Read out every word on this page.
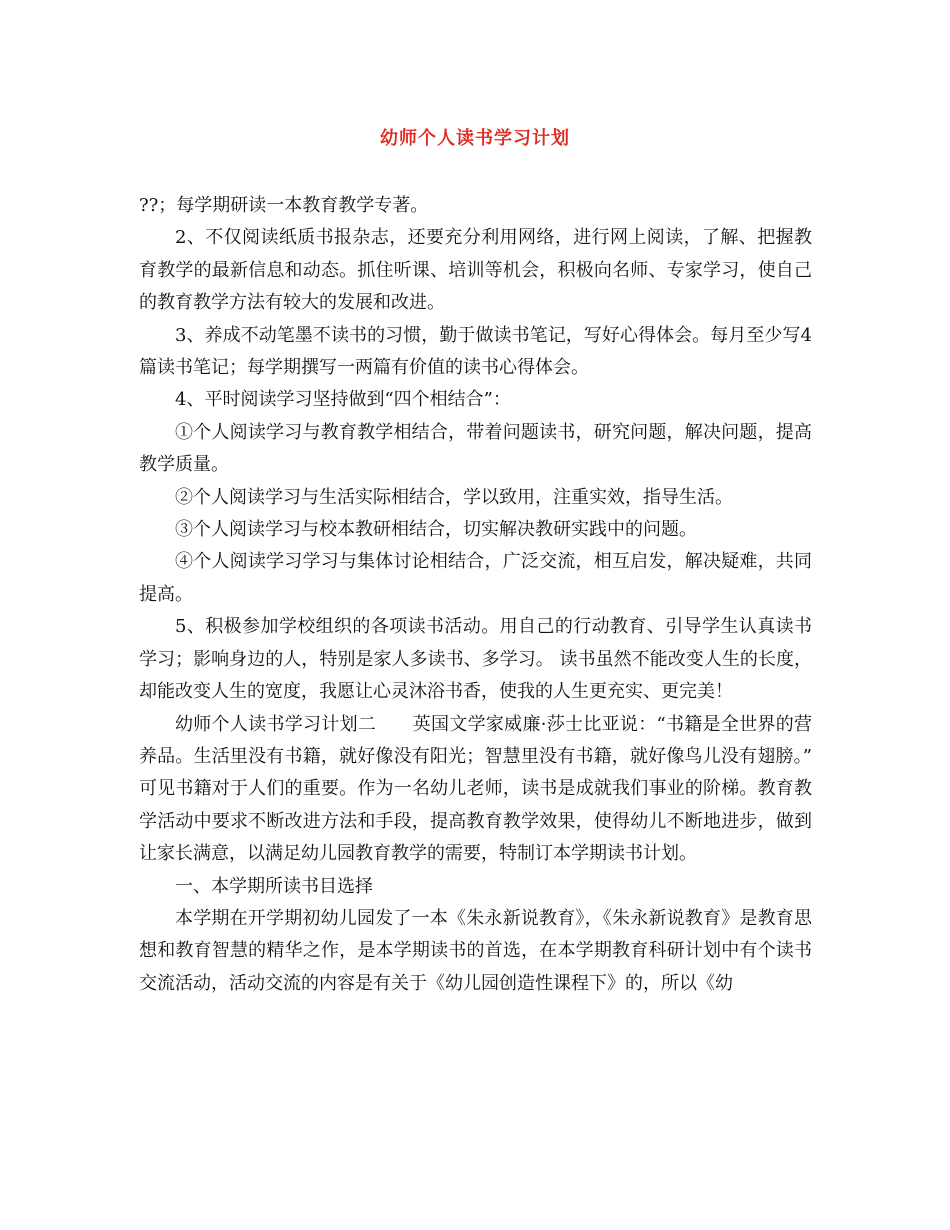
幼师个人读书学习计划

??；每学期研读一本教育教学专著。

2、不仅阅读纸质书报杂志，还要充分利用网络，进行网上阅读，了解、把握教育教学的最新信息和动态。抓住听课、培训等机会，积极向名师、专家学习，使自己的教育教学方法有较大的发展和改进。

3、养成不动笔墨不读书的习惯，勤于做读书笔记，写好心得体会。每月至少写4篇读书笔记；每学期撰写一两篇有价值的读书心得体会。

4、平时阅读学习坚持做到“四个相结合”：

①个人阅读学习与教育教学相结合，带着问题读书，研究问题，解决问题，提高教学质量。

②个人阅读学习与生活实际相结合，学以致用，注重实效，指导生活。

③个人阅读学习与校本教研相结合，切实解决教研实践中的问题。

④个人阅读学习学习与集体讨论相结合，广泛交流，相互启发，解决疑难，共同提高。

5、积极参加学校组织的各项读书活动。用自己的行动教育、引导学生认真读书学习；影响身边的人，特别是家人多读书、多学习。 读书虽然不能改变人生的长度，却能改变人生的宽度，我愿让心灵沐浴书香，使我的人生更充实、更完美！

幼师个人读书学习计划二　　英国文学家威廉·莎士比亚说：“书籍是全世界的营养品。生活里没有书籍，就好像没有阳光；智慧里没有书籍，就好像鸟儿没有翅膀。” 可见书籍对于人们的重要。作为一名幼儿老师，读书是成就我们事业的阶梯。教育教学活动中要求不断改进方法和手段，提高教育教学效果，使得幼儿不断地进步，做到让家长满意，以满足幼儿园教育教学的需要，特制订本学期读书计划。

一、本学期所读书目选择

本学期在开学期初幼儿园发了一本《朱永新说教育》，《朱永新说教育》是教育思想和教育智慧的精华之作，是本学期读书的首选，在本学期教育科研计划中有个读书交流活动，活动交流的内容是有关于《幼儿园创造性课程下》的，所以《幼
